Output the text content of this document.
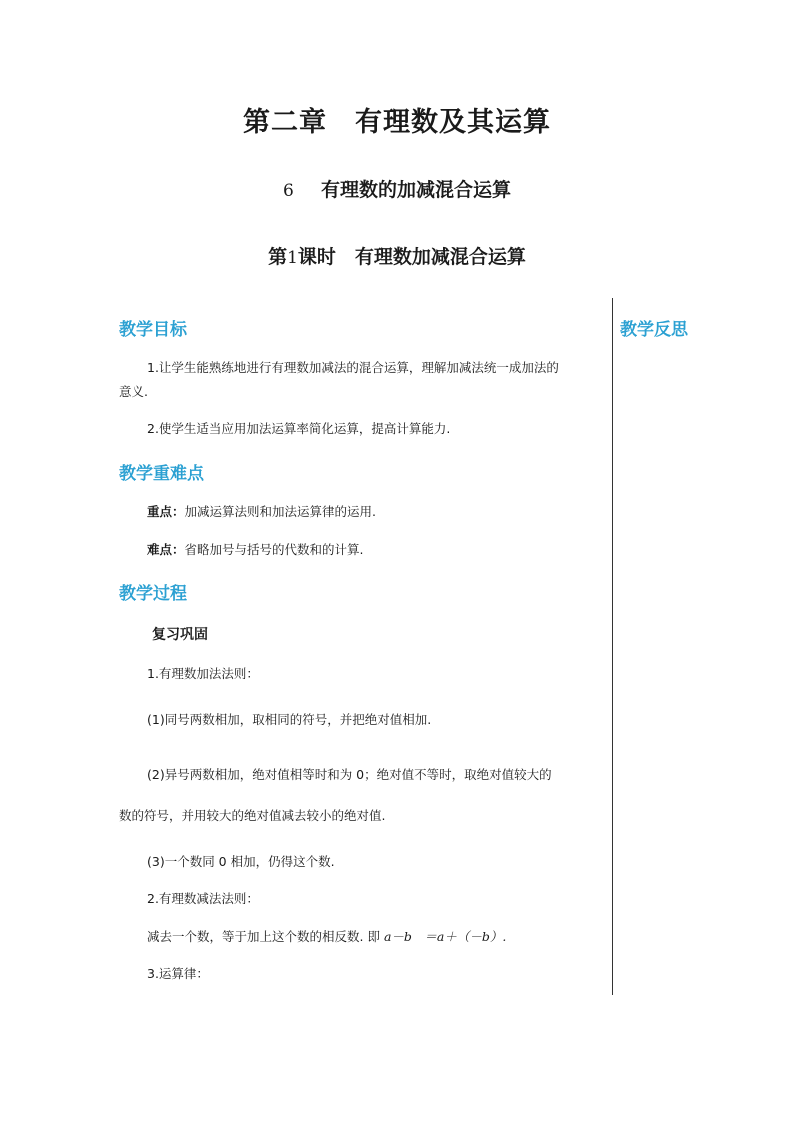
第二章　有理数及其运算
6 有理数的加减混合运算
第1课时　有理数加减混合运算
教学反思
教学目标
1.让学生能熟练地进行有理数加减法的混合运算，理解加减法统一成加法的
意义.
2.使学生适当应用加法运算率简化运算，提高计算能力.
教学重难点
重点：加减运算法则和加法运算律的运用.
难点：省略加号与括号的代数和的计算.
教学过程
复习巩固
1.有理数加法法则：
(1)同号两数相加，取相同的符号，并把绝对值相加.
(2)异号两数相加，绝对值相等时和为 0；绝对值不等时，取绝对值较大的
数的符号，并用较大的绝对值减去较小的绝对值.
(3)一个数同 0 相加，仍得这个数.
2.有理数减法法则：
减去一个数，等于加上这个数的相反数. 即 a－b　＝a＋（－b）.
3.运算律：
